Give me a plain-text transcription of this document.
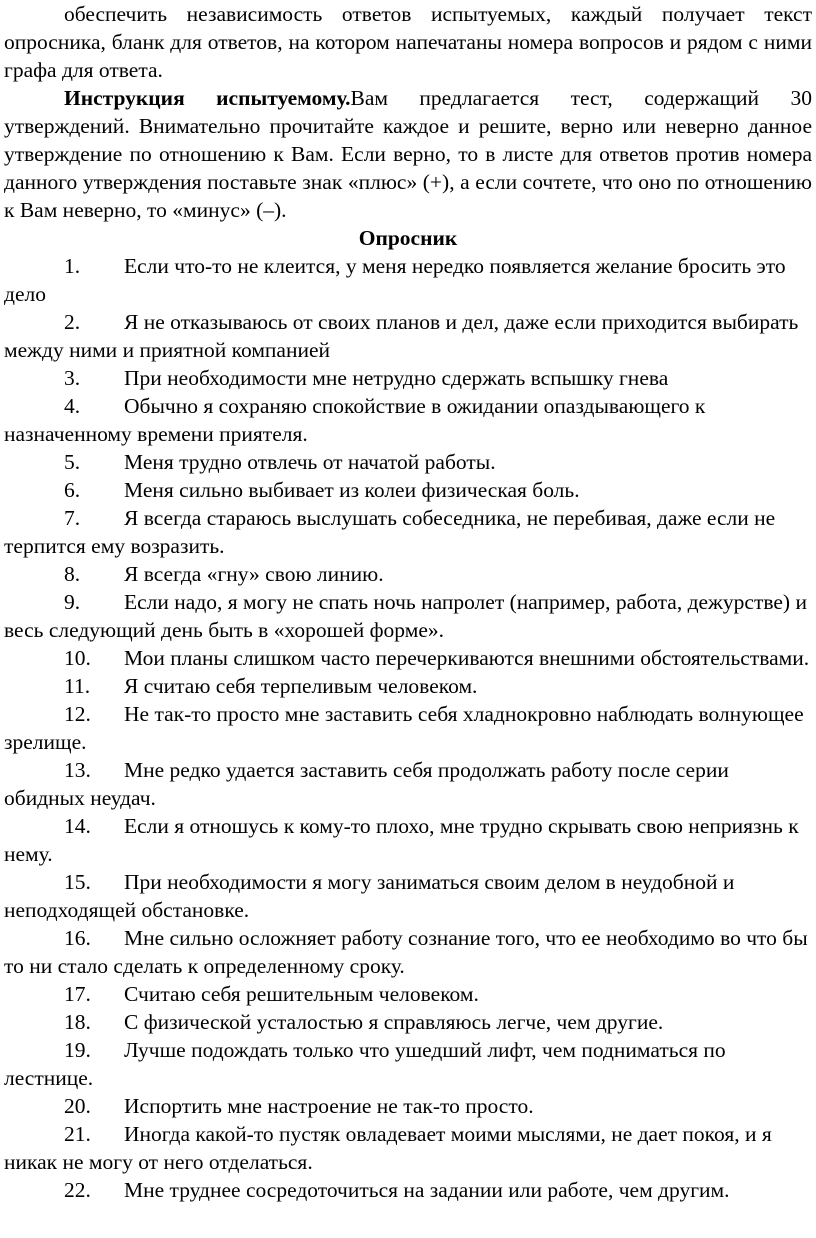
обеспечить независимость ответов испытуемых, каждый получает текст опросника, бланк для ответов, на котором напечатаны номера вопросов и рядом с ними графа для ответа.

Инструкция испытуемому.Вам предлагается тест, содержащий 30 утверждений. Внимательно прочитайте каждое и решите, верно или неверно данное утверждение по отношению к Вам. Если верно, то в листе для ответов против номера данного утверждения поставьте знак «плюс» (+), а если сочтете, что оно по отношению к Вам неверно, то «минус» (–).

Опросник

1. Если что-то не клеится, у меня нередко появляется желание бросить это дело

2. Я не отказываюсь от своих планов и дел, даже если приходится выбирать между ними и приятной компанией

3. При необходимости мне нетрудно сдержать вспышку гнева

4. Обычно я сохраняю спокойствие в ожидании опаздывающего к назначенному времени приятеля.

5. Меня трудно отвлечь от начатой работы.

6. Меня сильно выбивает из колеи физическая боль.

7. Я всегда стараюсь выслушать собеседника, не перебивая, даже если не терпится ему возразить.

8. Я всегда «гну» свою линию.

9. Если надо, я могу не спать ночь напролет (например, работа, дежурстве) и весь следующий день быть в «хорошей форме».

10. Мои планы слишком часто перечеркиваются внешними обстоятельствами.

11. Я считаю себя терпеливым человеком.

12. Не так-то просто мне заставить себя хладнокровно наблюдать волнующее зрелище.

13. Мне редко удается заставить себя продолжать работу после серии обидных неудач.

14. Если я отношусь к кому-то плохо, мне трудно скрывать свою неприязнь к нему.

15. При необходимости я могу заниматься своим делом в неудобной и неподходящей обстановке.

16. Мне сильно осложняет работу сознание того, что ее необходимо во что бы то ни стало сделать к определенному сроку.

17. Считаю себя решительным человеком.

18. С физической усталостью я справляюсь легче, чем другие.

19. Лучше подождать только что ушедший лифт, чем подниматься по лестнице.

20. Испортить мне настроение не так-то просто.

21. Иногда какой-то пустяк овладевает моими мыслями, не дает покоя, и я никак не могу от него отделаться.

22. Мне труднее сосредоточиться на задании или работе, чем другим.
